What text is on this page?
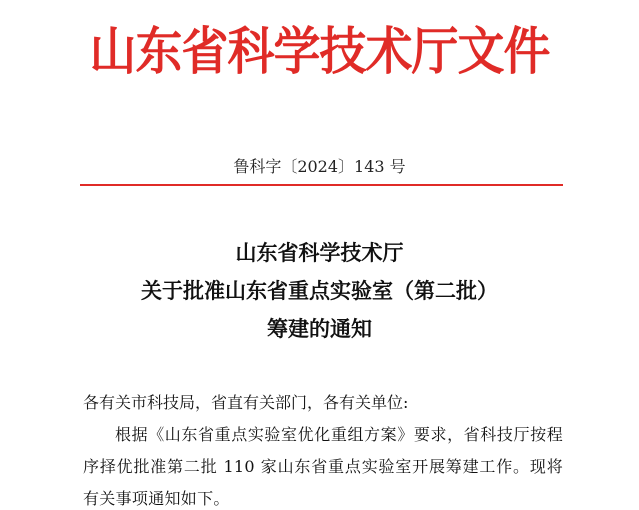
山东省科学技术厅文件
鲁科字〔2024〕143 号
山东省科学技术厅
关于批准山东省重点实验室（第二批）
筹建的通知
各有关市科技局，省直有关部门，各有关单位:
根据《山东省重点实验室优化重组方案》要求，省科技厅按程序择优批准第二批 110 家山东省重点实验室开展筹建工作。现将有关事项通知如下。
